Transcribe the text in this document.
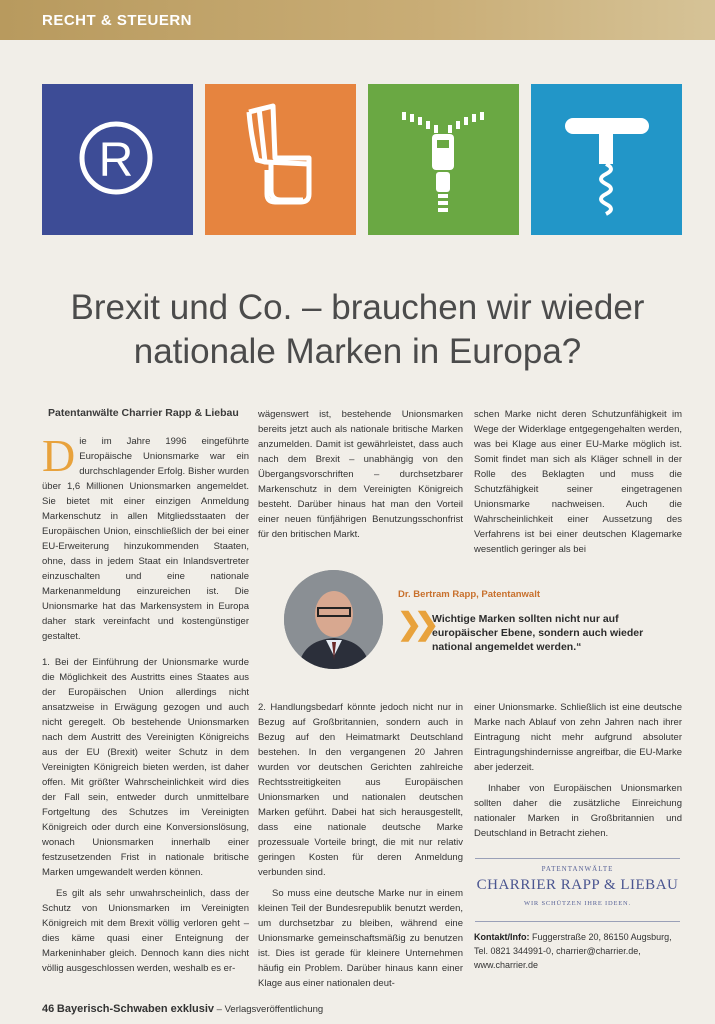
RECHT & STEUERN
R
Brexit und Co. – brauchen wir wieder nationale Marken in Europa?
Patentanwälte Charrier Rapp & Liebau
D ie im Jahre 1996 eingeführte Europäische Unionsmarke war ein durchschlagender Erfolg. Bisher wurden über 1,6 Millionen Unionsmarken angemeldet. Sie bietet mit einer einzigen Anmeldung Markenschutz in allen Mitgliedsstaaten der Europäischen Union, einschließlich der bei einer EU-Erweiterung hinzukommenden Staaten, ohne, dass in jedem Staat ein Inlandsvertreter einzuschalten und eine nationale Markenanmeldung einzureichen ist. Die Unionsmarke hat das Markensystem in Europa daher stark vereinfacht und kostengünstiger gestaltet.

wägenswert ist, bestehende Unionsmarken bereits jetzt auch als nationale britische Marken anzumelden. Damit ist gewährleistet, dass auch nach dem Brexit – unabhängig von den Übergangsvorschriften – durchsetzbarer Markenschutz in dem Vereinigten Königreich besteht. Darüber hinaus hat man den Vorteil einer neuen fünfjährigen Benutzungsschonfrist für den britischen Markt.

schen Marke nicht deren Schutzunfähigkeit im Wege der Widerklage entgegengehalten werden, was bei Klage aus einer EU-Marke möglich ist. Somit findet man sich als Kläger schnell in der Rolle des Beklagten und muss die Schutzfähigkeit seiner eingetragenen Unionsmarke nachweisen. Auch die Wahrscheinlichkeit einer Aussetzung des Verfahrens ist bei einer deutschen Klagemarke wesentlich geringer als bei

Dr. Bertram Rapp, Patentanwalt
❯❯ Wichtige Marken sollten nicht nur auf europäischer Ebene, sondern auch wieder national angemeldet werden.“

1. Bei der Einführung der Unionsmarke wurde die Möglichkeit des Austritts eines Staates aus der Europäischen Union allerdings nicht ansatzweise in Erwägung gezogen und auch nicht geregelt. Ob bestehende Unionsmarken nach dem Austritt des Vereinigten Königreichs aus der EU (Brexit) weiter Schutz in dem Vereinigten Königreich bieten werden, ist daher offen. Mit größter Wahrscheinlichkeit wird dies der Fall sein, entweder durch unmittelbare Fortgeltung des Schutzes im Vereinigten Königreich oder durch eine Konversionslösung, wonach Unionsmarken innerhalb einer festzusetzenden Frist in nationale britische Marken umgewandelt werden können.

Es gilt als sehr unwahrscheinlich, dass der Schutz von Unionsmarken im Vereinigten Königreich mit dem Brexit völlig verloren geht – dies käme quasi einer Enteignung der Markeninhaber gleich. Dennoch kann dies nicht völlig ausgeschlossen werden, weshalb es er-

2. Handlungsbedarf könnte jedoch nicht nur in Bezug auf Großbritannien, sondern auch in Bezug auf den Heimatmarkt Deutschland bestehen. In den vergangenen 20 Jahren wurden vor deutschen Gerichten zahlreiche Rechtsstreitigkeiten aus Europäischen Unionsmarken und nationalen deutschen Marken geführt. Dabei hat sich herausgestellt, dass eine nationale deutsche Marke prozessuale Vorteile bringt, die mit nur relativ geringen Kosten für deren Anmeldung verbunden sind.

So muss eine deutsche Marke nur in einem kleinen Teil der Bundesrepublik benutzt werden, um durchsetzbar zu bleiben, während eine Unionsmarke gemeinschaftsmäßig zu benutzen ist. Dies ist gerade für kleinere Unternehmen häufig ein Problem. Darüber hinaus kann einer Klage aus einer nationalen deut-

einer Unionsmarke. Schließlich ist eine deutsche Marke nach Ablauf von zehn Jahren nach ihrer Eintragung nicht mehr aufgrund absoluter Eintragungshindernisse angreifbar, die EU-Marke aber jederzeit.

Inhaber von Europäischen Unionsmarken sollten daher die zusätzliche Einreichung nationaler Marken in Großbritannien und Deutschland in Betracht ziehen.

PATENTANWÄLTE
CHARRIER RAPP & LIEBAU
WIR SCHÜTZEN IHRE IDEEN.
Kontakt/Info: Fuggerstraße 20, 86150 Augsburg,
Tel. 0821 344991-0, charrier@charrier.de,
www.charrier.de
46 Bayerisch-Schwaben exklusiv – Verlagsveröffentlichung
